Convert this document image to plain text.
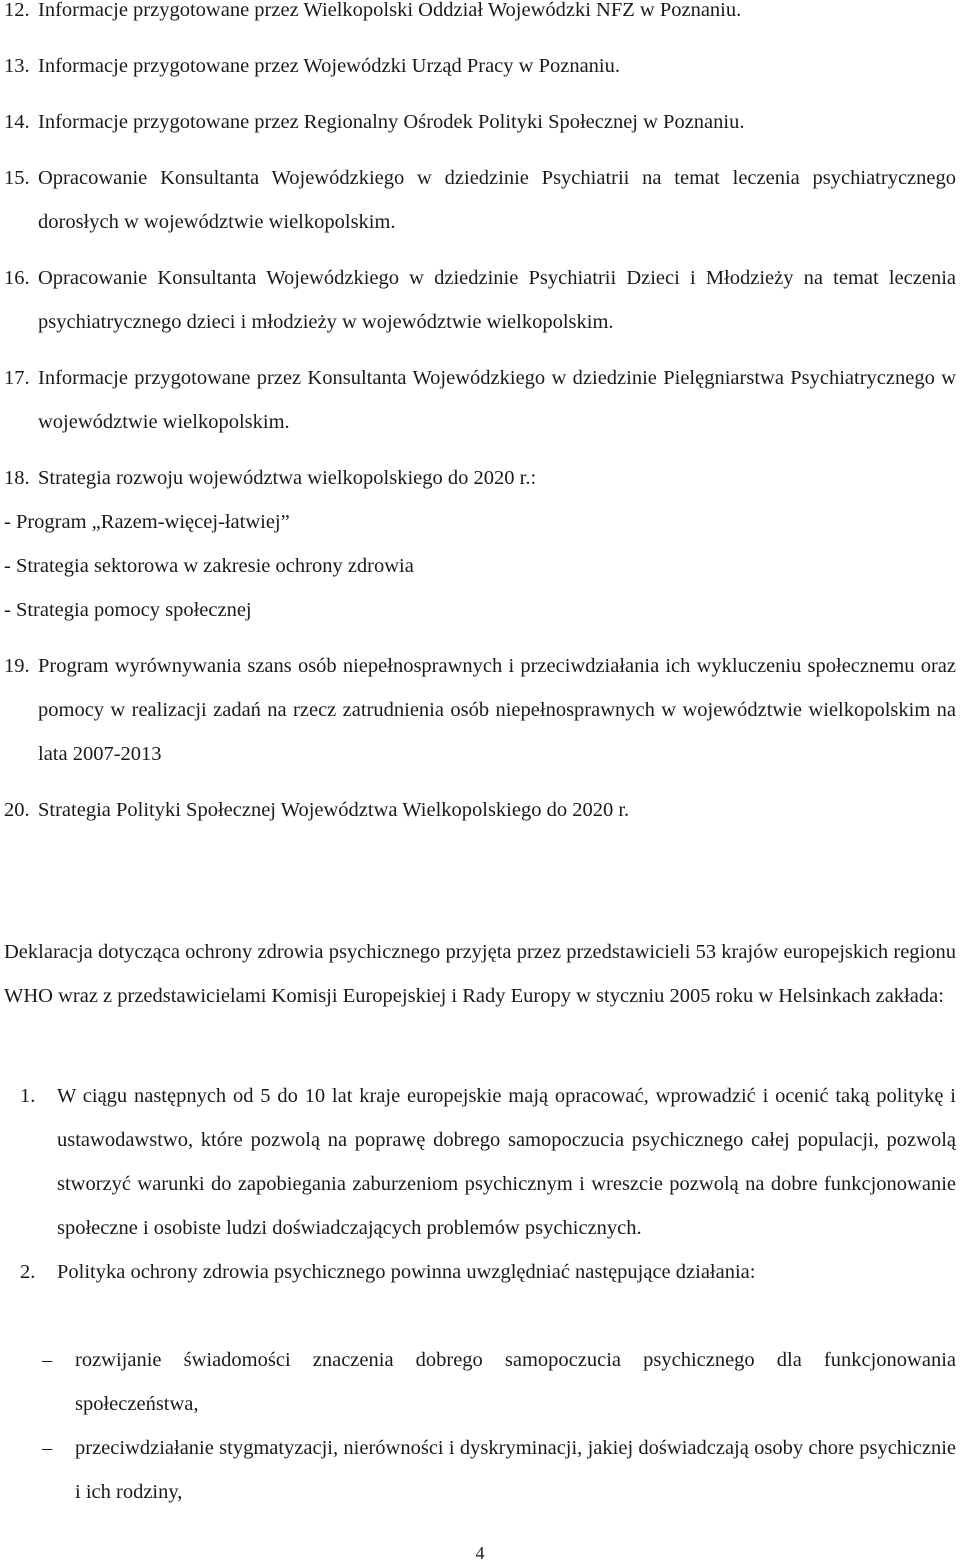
12. Informacje przygotowane przez Wielkopolski Oddział Wojewódzki NFZ w Poznaniu.
13. Informacje przygotowane przez Wojewódzki Urząd Pracy w Poznaniu.
14. Informacje przygotowane przez Regionalny Ośrodek Polityki Społecznej w Poznaniu.
15. Opracowanie Konsultanta Wojewódzkiego w dziedzinie Psychiatrii na temat leczenia psychiatrycznego dorosłych w województwie wielkopolskim.
16. Opracowanie Konsultanta Wojewódzkiego w dziedzinie Psychiatrii Dzieci i Młodzieży na temat leczenia psychiatrycznego dzieci i młodzieży w województwie wielkopolskim.
17. Informacje przygotowane przez Konsultanta Wojewódzkiego w dziedzinie Pielęgniarstwa Psychiatrycznego w województwie wielkopolskim.
18. Strategia rozwoju województwa wielkopolskiego do 2020 r.:
- Program „Razem-więcej-łatwiej”
- Strategia sektorowa w zakresie ochrony zdrowia
- Strategia pomocy społecznej
19. Program wyrównywania szans osób niepełnosprawnych i przeciwdziałania ich wykluczeniu społecznemu oraz pomocy w realizacji zadań na rzecz zatrudnienia osób niepełnosprawnych w województwie wielkopolskim na lata 2007-2013
20. Strategia Polityki Społecznej Województwa Wielkopolskiego do 2020 r.

Deklaracja dotycząca ochrony zdrowia psychicznego przyjęta przez przedstawicieli 53 krajów europejskich regionu WHO wraz z przedstawicielami Komisji Europejskiej i Rady Europy w styczniu 2005 roku w Helsinkach zakłada:

1. W ciągu następnych od 5 do 10 lat kraje europejskie mają opracować, wprowadzić i ocenić taką politykę i ustawodawstwo, które pozwolą na poprawę dobrego samopoczucia psychicznego całej populacji, pozwolą stworzyć warunki do zapobiegania zaburzeniom psychicznym i wreszcie pozwolą na dobre funkcjonowanie społeczne i osobiste ludzi doświadczających problemów psychicznych.
2. Polityka ochrony zdrowia psychicznego powinna uwzględniać następujące działania:
– rozwijanie świadomości znaczenia dobrego samopoczucia psychicznego dla funkcjonowania społeczeństwa,
– przeciwdziałanie stygmatyzacji, nierówności i dyskryminacji, jakiej doświadczają osoby chore psychicznie i ich rodziny,
4
